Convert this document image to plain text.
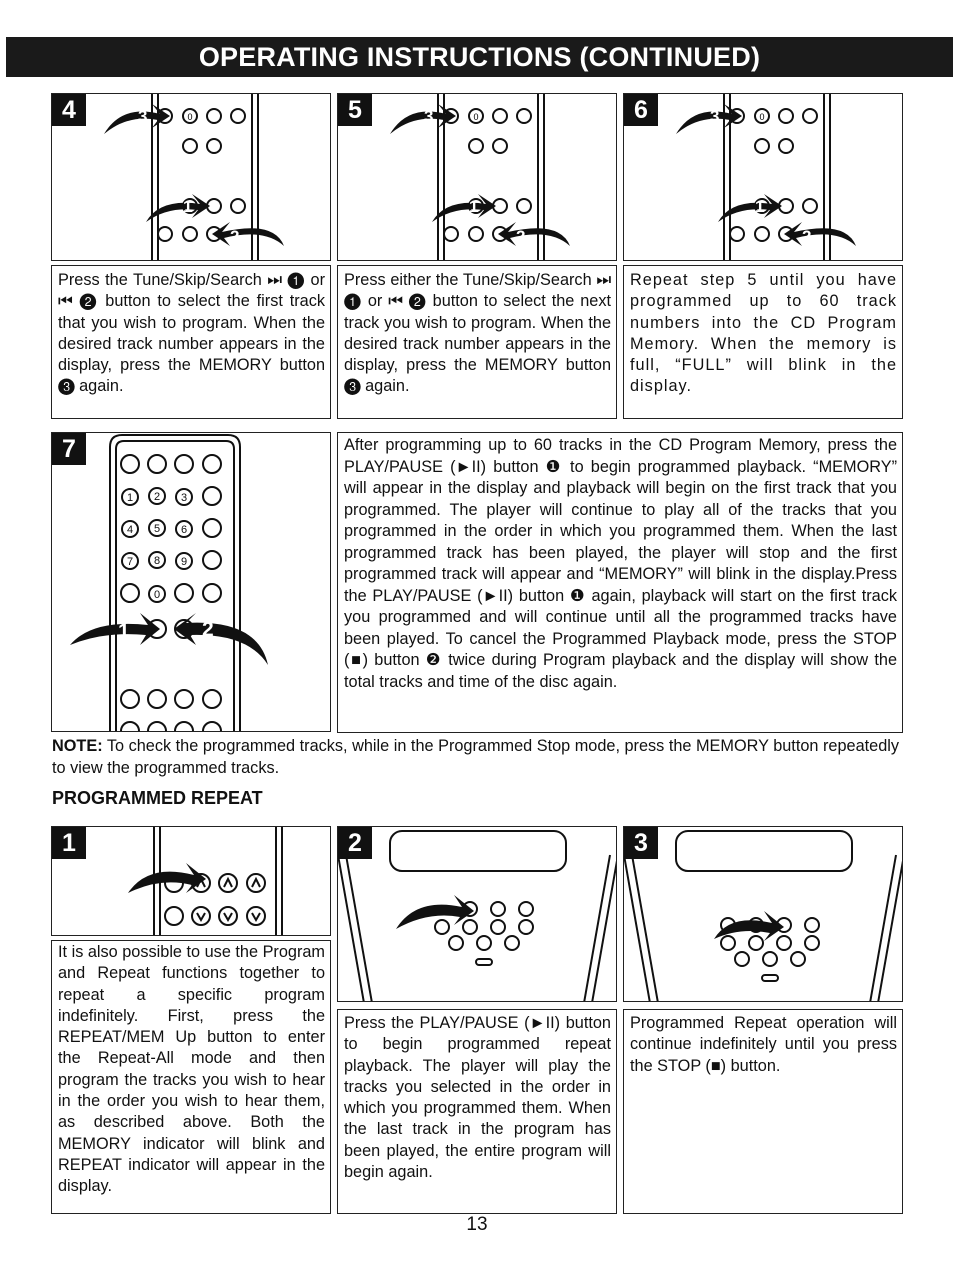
OPERATING INSTRUCTIONS (CONTINUED)
4	0
3
1
2
5	0
3
1
2
6	0
3
1
2
Press the Tune/Skip/Search ⏭ ❶ or ⏮ ❷ button to select the first track that you wish to program. When the desired track number appears in the display, press the MEMORY button ❸ again.
Press either the Tune/Skip/Search ⏭ ❶ or ⏮ ❷ button to select the next track you wish to program. When the desired track number appears in the display, press the MEMORY button ❸ again.
Repeat step 5 until you have programmed up to 60 track numbers into the CD Program Memory. When the memory is full, “FULL” will blink in the display.
7
1 2 3
4 5 6
7 8 9
0
1	2
After programming up to 60 tracks in the CD Program Memory, press the PLAY/PAUSE (►II) button ❶ to begin programmed playback. “MEMORY” will appear in the display and playback will begin on the first track that you programmed. The player will continue to play all of the tracks that you programmed in the order in which you programmed them. When the last programmed track has been played, the player will stop and the first programmed track will appear and “MEMORY” will blink in the display.Press the PLAY/PAUSE (►II) button ❶ again, playback will start on the first track you programmed and will continue until all the programmed tracks have been played. To cancel the Programmed Playback mode, press the STOP (■) button ❷ twice during Program playback and the display will show the total tracks and time of the disc again.
NOTE: To check the programmed tracks, while in the Programmed Stop mode, press the MEMORY button repeatedly to view the programmed tracks.
PROGRAMMED REPEAT
1	2	3
It is also possible to use the Program and Repeat functions together to repeat a specific program indefinitely. First, press the REPEAT/MEM Up button to enter the Repeat-All mode and then program the tracks you wish to hear in the order you wish to hear them, as described above. Both the MEMORY indicator will blink and REPEAT indicator will appear in the display.
Press the PLAY/PAUSE (►II) button to begin programmed repeat playback. The player will play the tracks you selected in the order in which you programmed them. When the last track in the program has been played, the entire program will begin again.
Programmed Repeat operation will continue indefinitely until you press the STOP (■) button.
13
